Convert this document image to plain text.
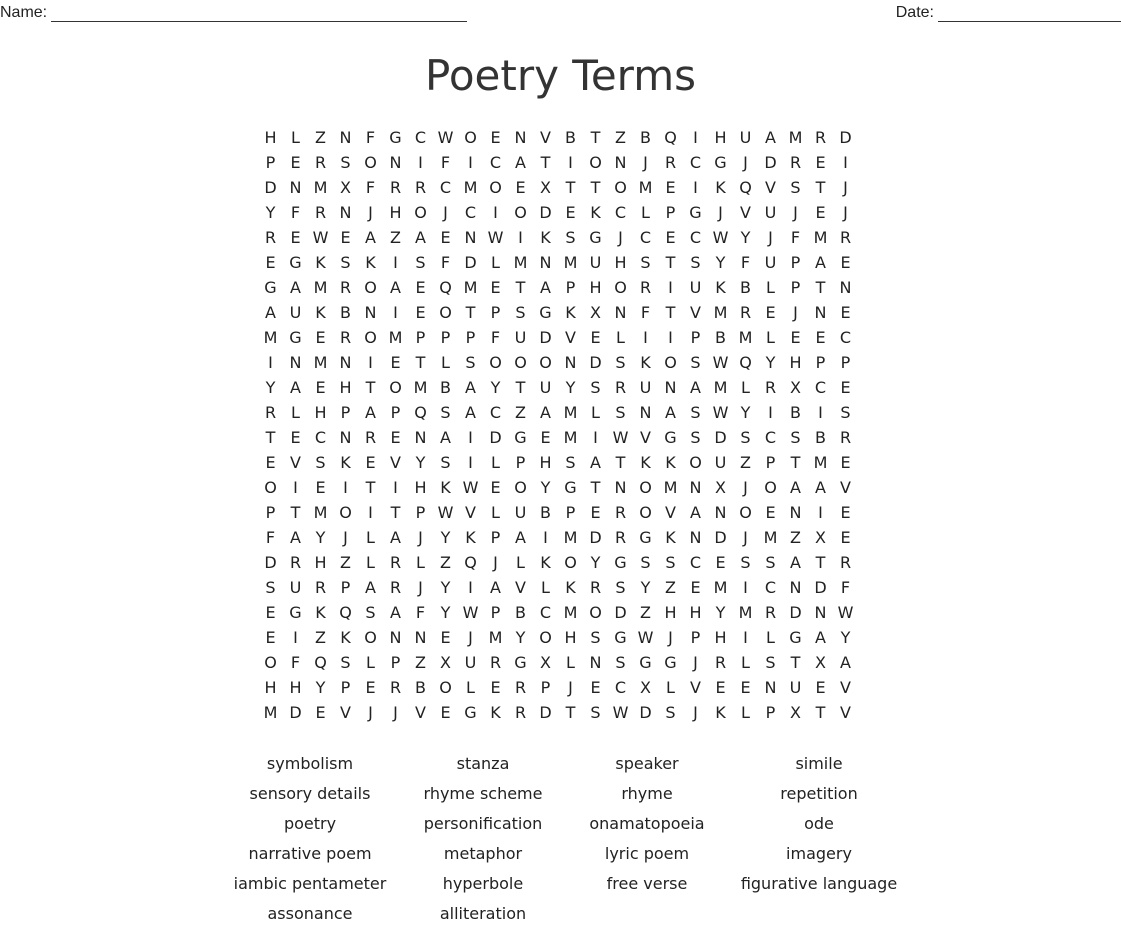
Name:	Date:
Poetry Terms
H L Z N F G C W O E N V B T Z B Q	I	H U A M R D
P E R S O N	I	F	I	C A T	I	O N	J	R C G	J	D R E	I
D N M X F R R C M O E X T T O M E	I	K Q V S T	J
Y F R N	J	H O	J	C	I	O D E K C L P G	J	V U	J	E	J
R E W E A Z A E N W I	K S G	J	C E C W Y	J	F M R
E G K S K	I	S F D L M N M U H S T S Y F U P A E
G A M R O A E Q M E T A P H O R	I	U K B L P T N
A U K B N	I	E O T P S G K X N F T V M R E	J	N E
M G E R O M P P P F U D V E L	I	I	P B M L E E C
I	N M N	I	E T L S O O O N D S K O S W Q Y H P P
Y A E H T O M B A Y T U Y S R U N A M L R X C E
R L H P A P Q S A C Z A M L S N A S W Y	I	B	I	S
T E C N R E N A	I	D G E M I W V G S D S C S B R
E V S K E V Y S	I	L P H S A T K K O U Z P T M E
O	I	E	I	T	I	H K W E O Y G T N O M N X	J	O A A V
P T M O	I	T P W V L U B P E R O V A N O E N	I	E
F A Y	J	L A	J	Y K P A	I M D R G K N D	J M Z X E
D R H Z L R L Z Q	J	L K O Y G S S C E S S A T R
S U R P A R	J	Y	I	A V L K R S Y Z E M I	C N D F
E G K Q S A F Y W P B C M O D Z H H Y M R D N W
E	I	Z K O N N E	J M Y O H S G W J	P H	I	L G A Y
O F Q S L P Z X U R G X L N S G G	J	R L S T X A
H H Y P E R B O L E R P	J	E C X L V E E N U E V
M D E V	J	J	V E G K R D T S W D S	J	K L P X T V
symbolism	stanza	speaker	simile
sensory details	rhyme scheme	rhyme	repetition
poetry	personification	onamatopoeia	ode
narrative poem	metaphor	lyric poem	imagery
iambic pentameter	hyperbole	free verse	figurative language
assonance	alliteration
